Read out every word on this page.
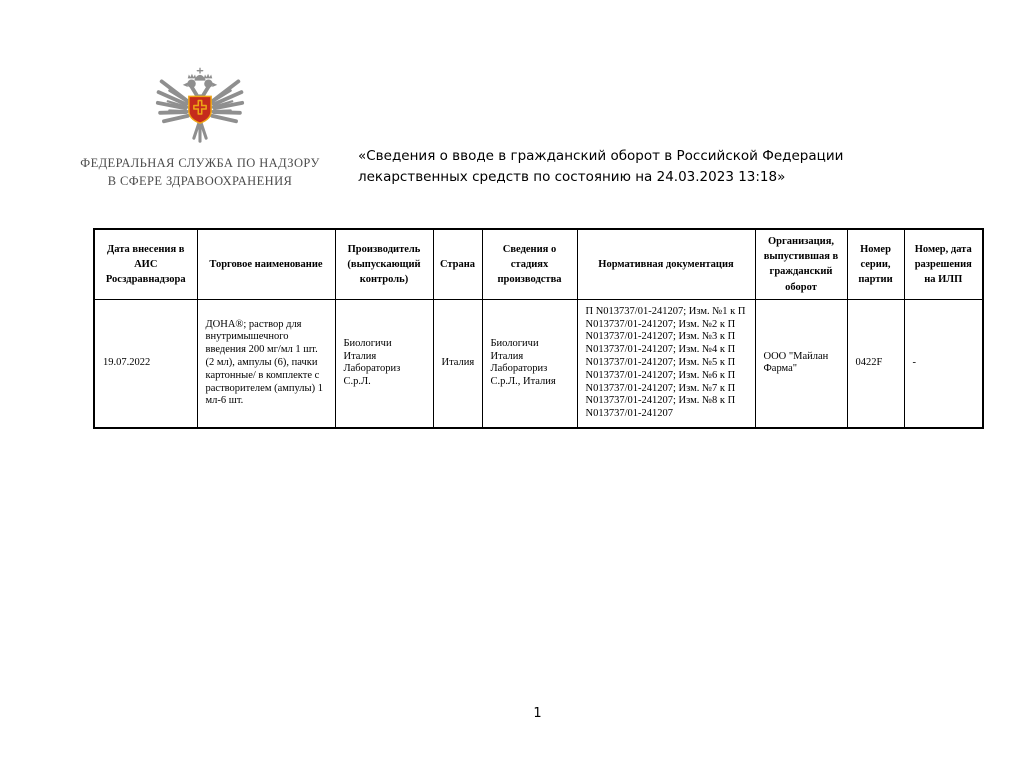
ФЕДЕРАЛЬНАЯ СЛУЖБА ПО НАДЗОРУ
В СФЕРЕ ЗДРАВООХРАНЕНИЯ
«Сведения о вводе в гражданский оборот в Российской Федерации лекарственных средств по состоянию на 24.03.2023 13:18»
Дата внесения в АИС Росздравнадзора	Торговое наименование	Производитель (выпускающий контроль)	Страна	Сведения о стадиях производства	Нормативная документация	Организация, выпустившая в гражданский оборот	Номер серии, партии	Номер, дата разрешения на ИЛП
19.07.2022	ДОНА®; раствор для внутримышечного введения 200 мг/мл 1 шт. (2 мл), ампулы (6), пачки картонные/ в комплекте с растворителем (ампулы) 1 мл-6 шт.	Биологичи Италия Лабораториз С.р.Л.	Италия	Биологичи Италия Лабораториз С.р.Л., Италия	П N013737/01-241207; Изм. №1 к П N013737/01-241207; Изм. №2 к П N013737/01-241207; Изм. №3 к П N013737/01-241207; Изм. №4 к П N013737/01-241207; Изм. №5 к П N013737/01-241207; Изм. №6 к П N013737/01-241207; Изм. №7 к П N013737/01-241207; Изм. №8 к П N013737/01-241207	ООО "Майлан Фарма"	0422F	-
1
